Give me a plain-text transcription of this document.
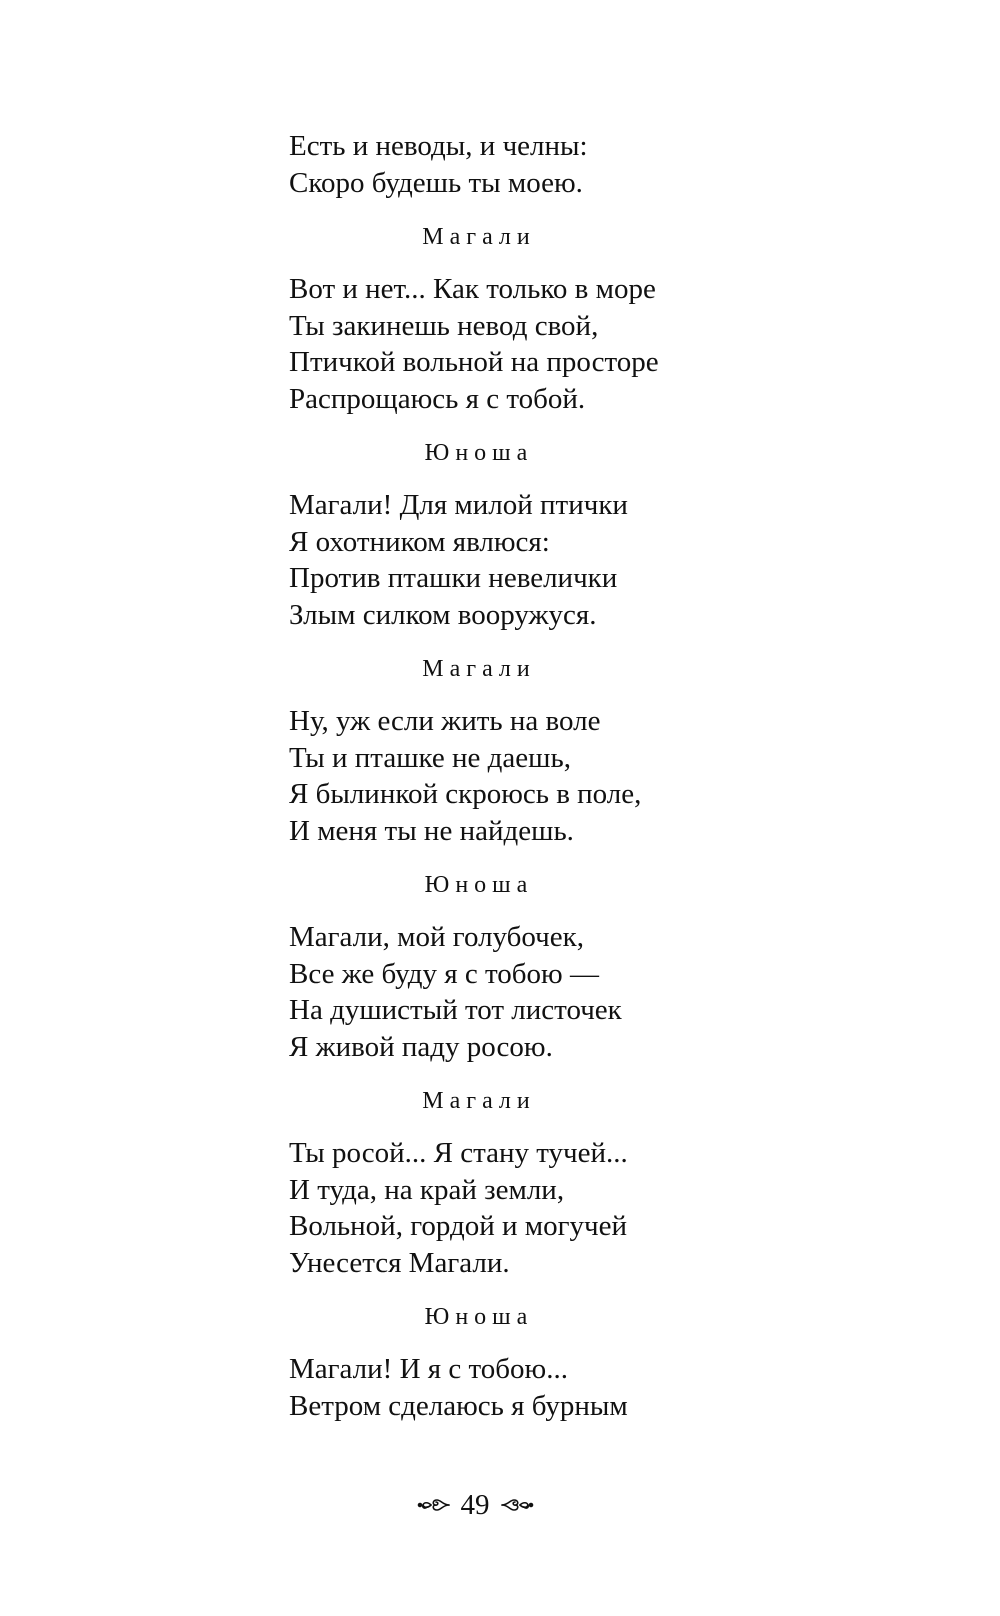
Есть и неводы, и челны:
Скоро будешь ты моею.
Магали
Вот и нет... Как только в море
Ты закинешь невод свой,
Птичкой вольной на просторе
Распрощаюсь я с тобой.
Юноша
Магали! Для милой птички
Я охотником явлюся:
Против пташки невелички
Злым силком вооружуся.
Магали
Ну, уж если жить на воле
Ты и пташке не даешь,
Я былинкой скроюсь в поле,
И меня ты не найдешь.
Юноша
Магали, мой голубочек,
Все же буду я с тобою —
На душистый тот листочек
Я живой паду росою.
Магали
Ты росой... Я стану тучей...
И туда, на край земли,
Вольной, гордой и могучей
Унесется Магали.
Юноша
Магали! И я с тобою...
Ветром сделаюсь я бурным
49
